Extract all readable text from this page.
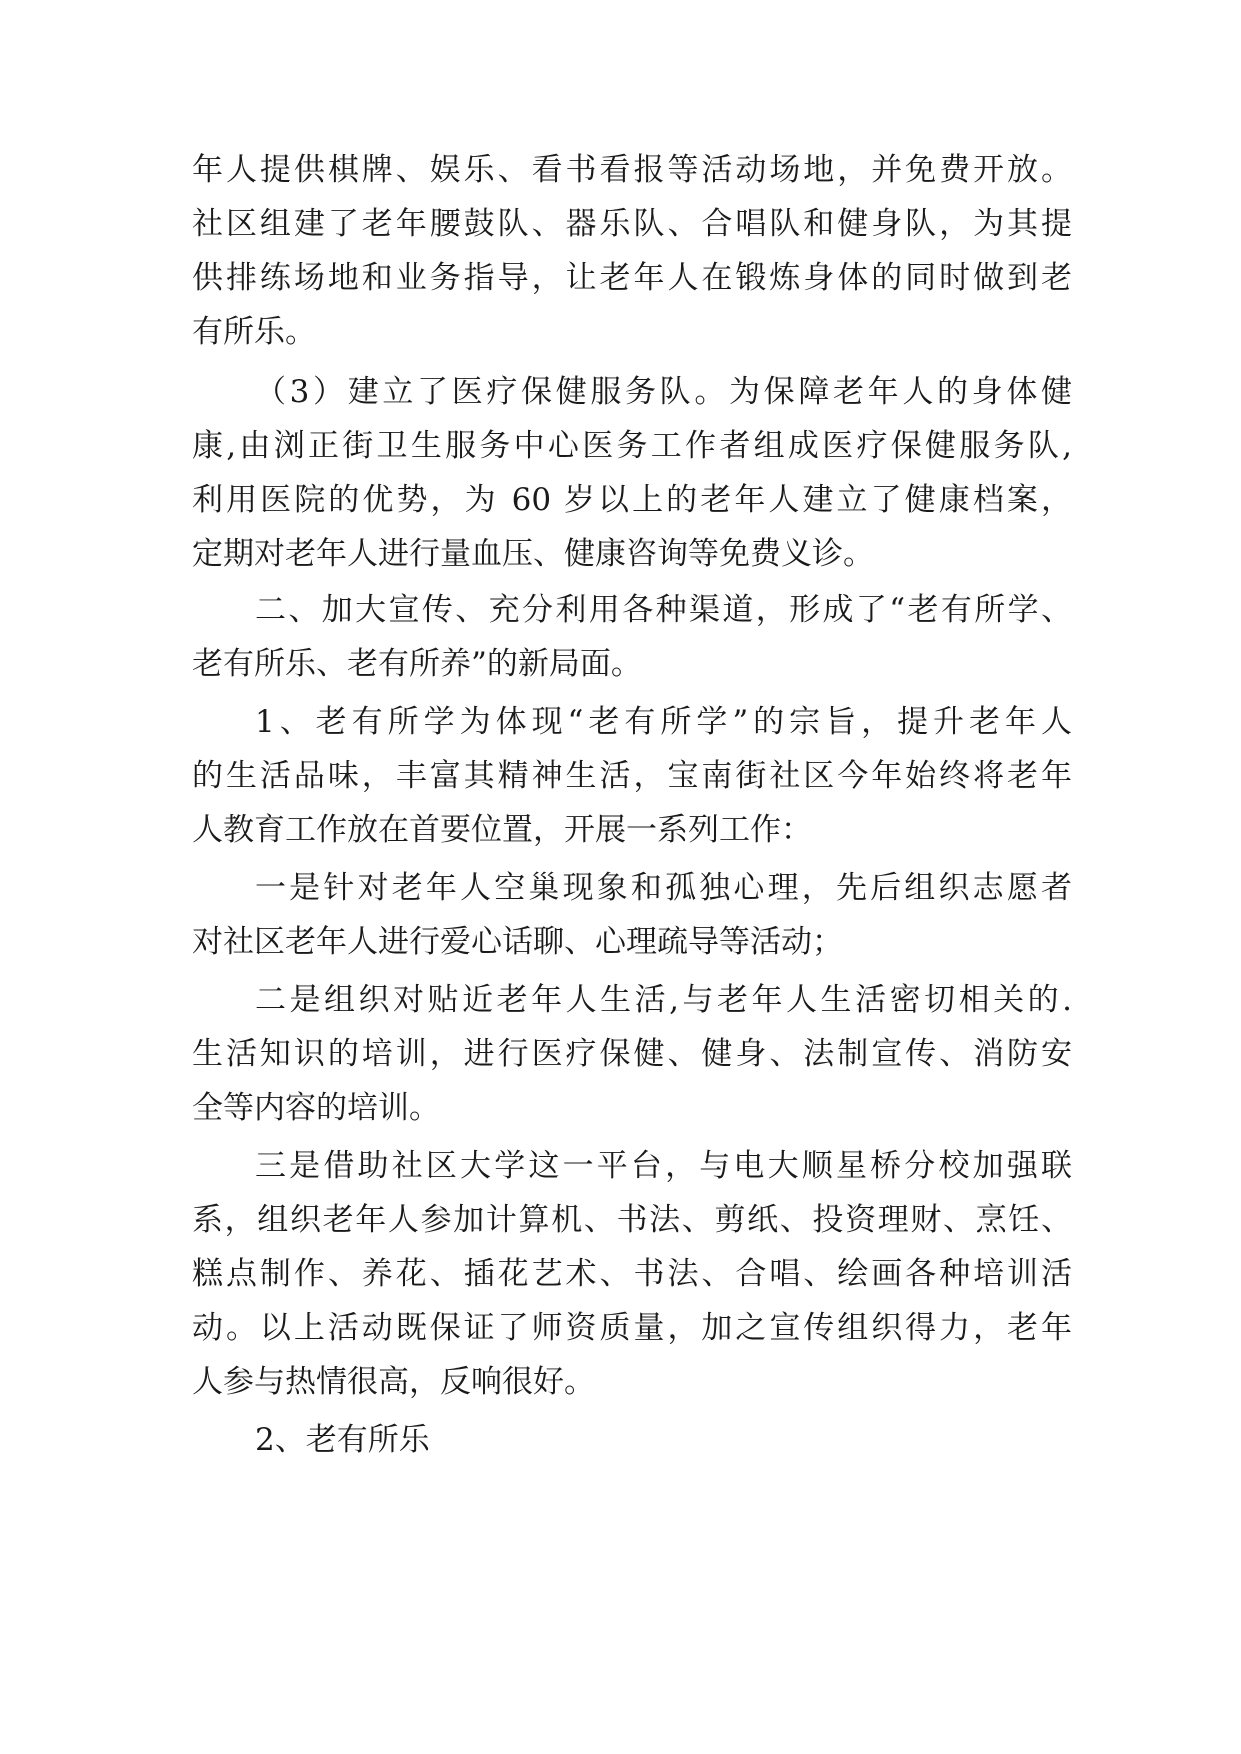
年人提供棋牌、娱乐、看书看报等活动场地，并免费开放。
社区组建了老年腰鼓队、器乐队、合唱队和健身队，为其提
供排练场地和业务指导，让老年人在锻炼身体的同时做到老
有所乐。
（3）建立了医疗保健服务队。为保障老年人的身体健
康,由浏正街卫生服务中心医务工作者组成医疗保健服务队,
利用医院的优势，为 60 岁以上的老年人建立了健康档案，
定期对老年人进行量血压、健康咨询等免费义诊。
二、加大宣传、充分利用各种渠道，形成了“老有所学、
老有所乐、老有所养”的新局面。
1、老有所学为体现“老有所学”的宗旨，提升老年人
的生活品味，丰富其精神生活，宝南街社区今年始终将老年
人教育工作放在首要位置，开展一系列工作：
一是针对老年人空巢现象和孤独心理，先后组织志愿者
对社区老年人进行爱心话聊、心理疏导等活动；
二是组织对贴近老年人生活,与老年人生活密切相关的.
生活知识的培训，进行医疗保健、健身、法制宣传、消防安
全等内容的培训。
三是借助社区大学这一平台，与电大顺星桥分校加强联
系，组织老年人参加计算机、书法、剪纸、投资理财、烹饪、
糕点制作、养花、插花艺术、书法、合唱、绘画各种培训活
动。以上活动既保证了师资质量，加之宣传组织得力，老年
人参与热情很高，反响很好。
2、老有所乐
